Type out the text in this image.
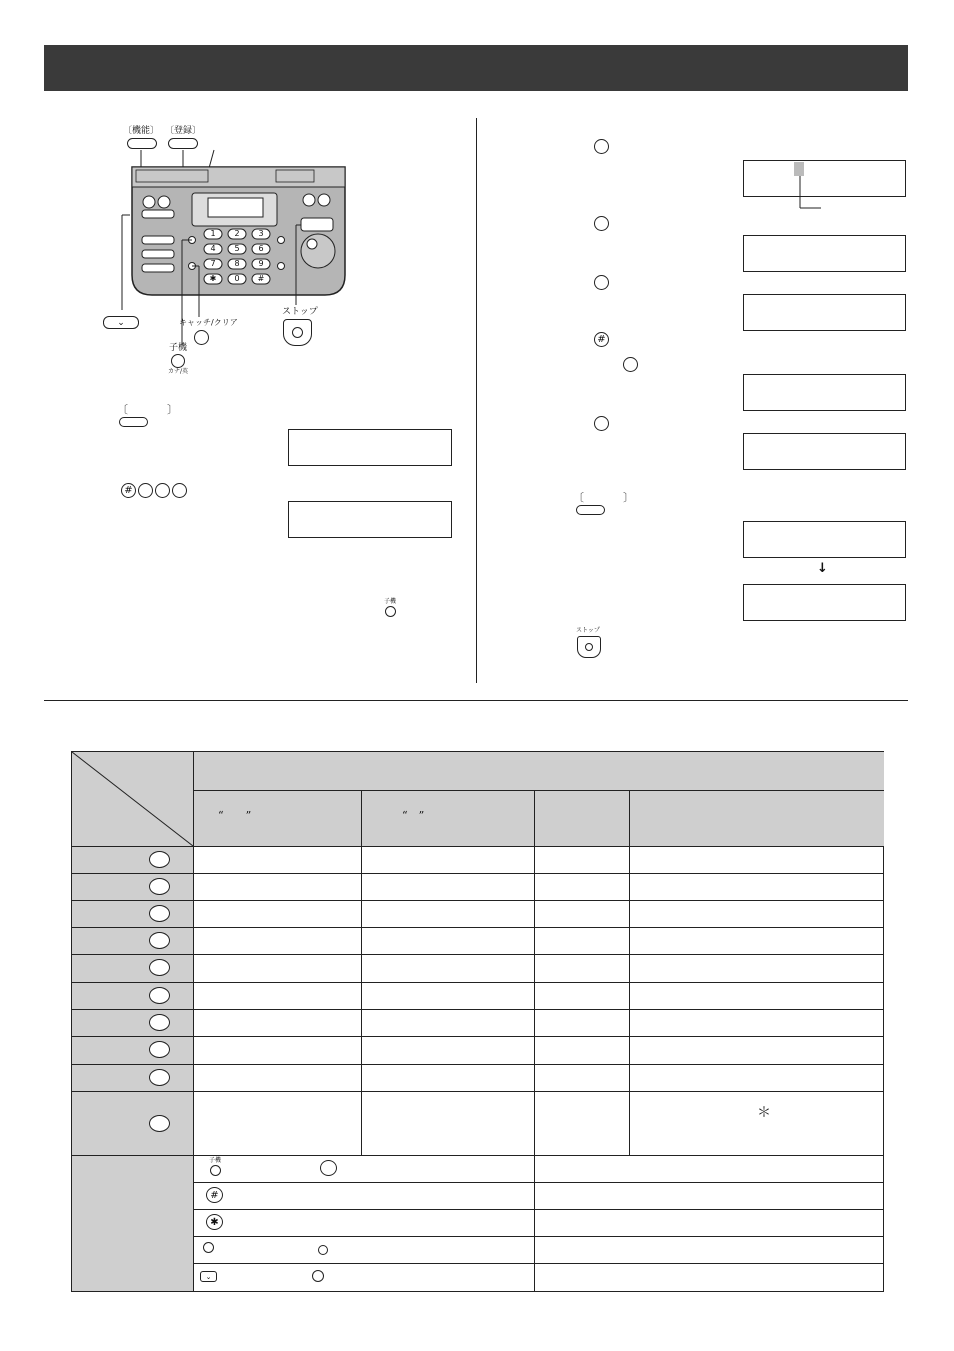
〔機能〕 〔登録〕
1	2	3
4	5	6
7	8	9
✱	0	#
⌄
子機
カナ/英
キャッチ/クリア
ストップ
〔　〕
#
子機
#
〔　〕
↓
ストップ
“　　”	“　”
＊
子機
#
✱
⌄
